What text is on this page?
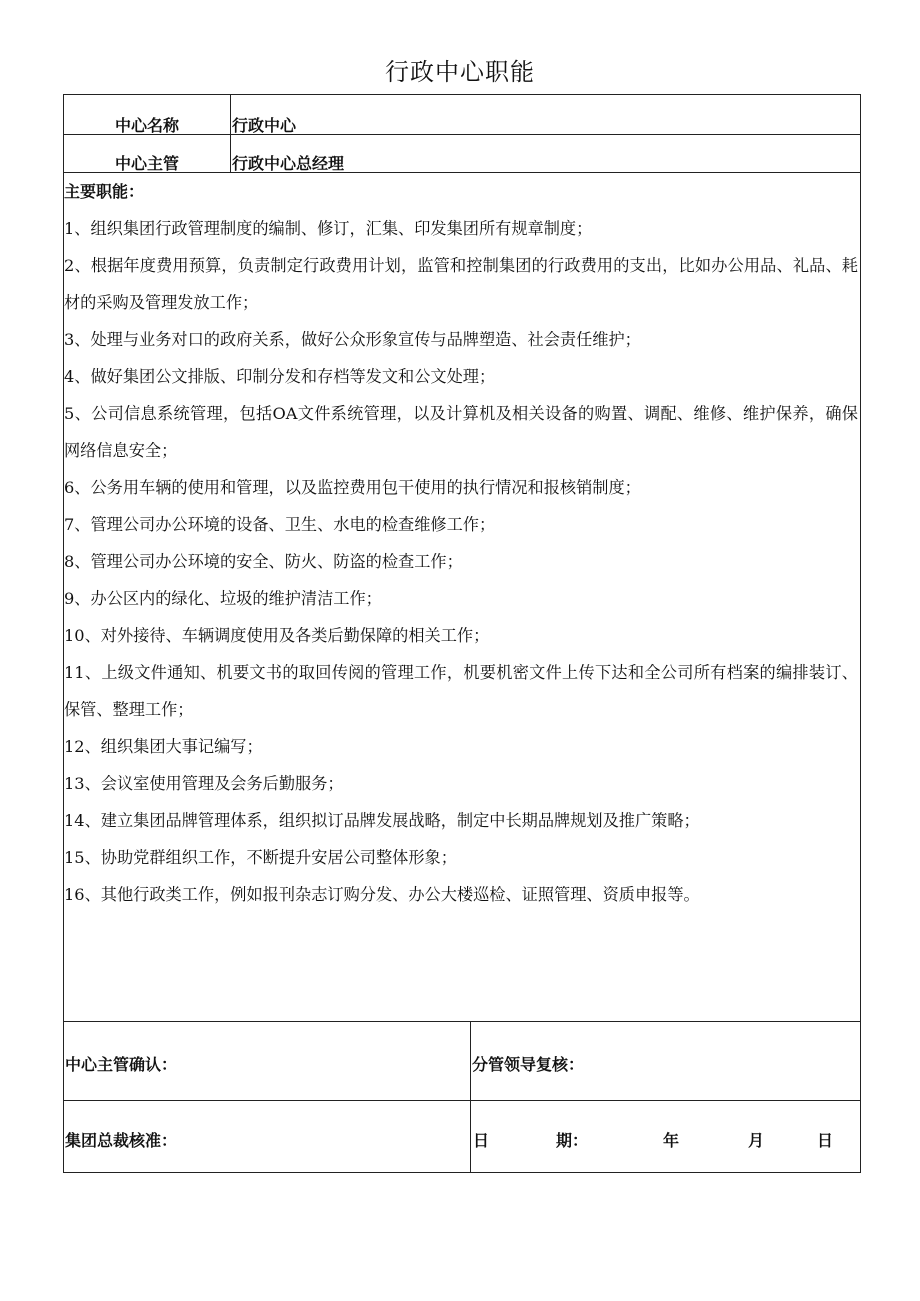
行政中心职能
中心名称	行政中心
中心主管	行政中心总经理
主要职能：
1、组织集团行政管理制度的编制、修订，汇集、印发集团所有规章制度；
2、根据年度费用预算，负责制定行政费用计划，监管和控制集团的行政费用的支出，比如办公用品、礼品、耗材的采购及管理发放工作；
3、处理与业务对口的政府关系，做好公众形象宣传与品牌塑造、社会责任维护；
4、做好集团公文排版、印制分发和存档等发文和公文处理；
5、公司信息系统管理，包括OA文件系统管理，以及计算机及相关设备的购置、调配、维修、维护保养，确保网络信息安全；
6、公务用车辆的使用和管理，以及监控费用包干使用的执行情况和报核销制度；
7、管理公司办公环境的设备、卫生、水电的检查维修工作；
8、管理公司办公环境的安全、防火、防盗的检查工作；
9、办公区内的绿化、垃圾的维护清洁工作；
10、对外接待、车辆调度使用及各类后勤保障的相关工作；
11、上级文件通知、机要文书的取回传阅的管理工作，机要机密文件上传下达和全公司所有档案的编排装订、保管、整理工作；
12、组织集团大事记编写；
13、会议室使用管理及会务后勤服务；
14、建立集团品牌管理体系，组织拟订品牌发展战略，制定中长期品牌规划及推广策略；
15、协助党群组织工作，不断提升安居公司整体形象；
16、其他行政类工作，例如报刊杂志订购分发、办公大楼巡检、证照管理、资质申报等。
中心主管确认：	分管领导复核：
集团总裁核准：	日	期：	年	月	日
